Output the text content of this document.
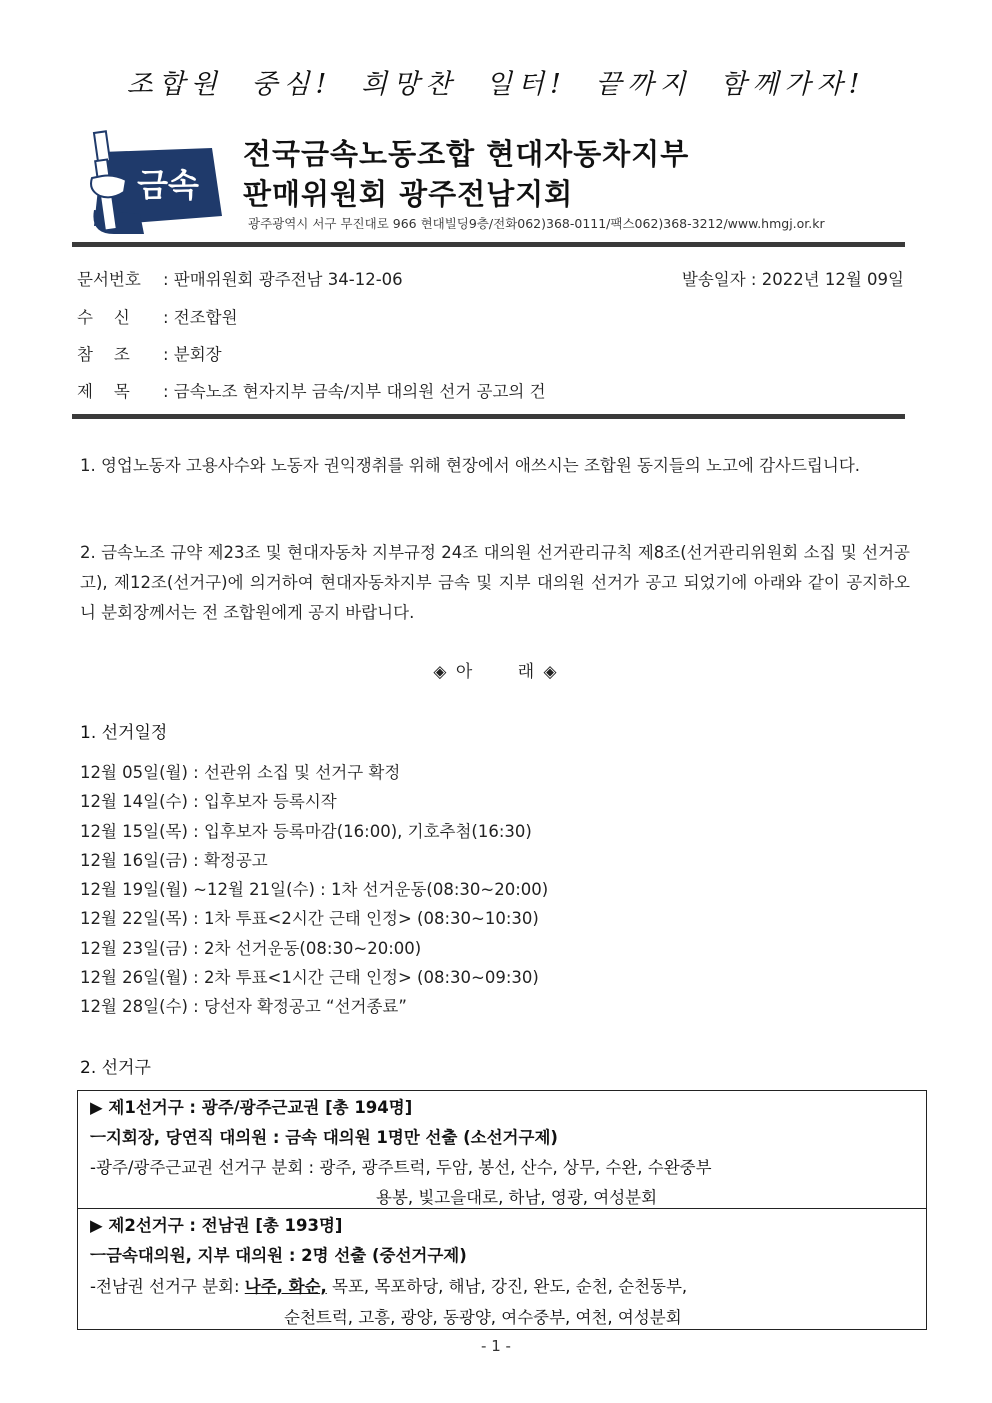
조합원 중심! 희망찬 일터! 끝까지 함께가자!
금속
전국금속노동조합 현대자동차지부
판매위원회 광주전남지회
광주광역시 서구 무진대로 966 현대빌딩9층/전화062)368-0111/팩스062)368-3212/www.hmgj.or.kr
문서번호 : 판매위원회 광주전남 34-12-06	발송일자 : 2022년 12월 09일
수    신 : 전조합원
참    조 : 분회장
제    목 : 금속노조 현자지부 금속/지부 대의원 선거 공고의 건
1. 영업노동자 고용사수와 노동자 권익쟁취를 위해 현장에서 애쓰시는 조합원 동지들의 노고에 감사드립니다.
2. 금속노조 규약 제23조 및 현대자동차 지부규정 24조 대의원 선거관리규칙 제8조(선거관리위원회 소집 및 선거공고), 제12조(선거구)에 의거하여 현대자동차지부 금속 및 지부 대의원 선거가 공고 되었기에 아래와 같이 공지하오니 분회장께서는 전 조합원에게 공지 바랍니다.
◈ 아	래 ◈
1. 선거일정
12월 05일(월) : 선관위 소집 및 선거구 확정
12월 14일(수) : 입후보자 등록시작
12월 15일(목) : 입후보자 등록마감(16:00), 기호추첨(16:30)
12월 16일(금) : 확정공고
12월 19일(월) ~12월 21일(수) : 1차 선거운동(08:30~20:00)
12월 22일(목) : 1차 투표<2시간 근태 인정> (08:30~10:30)
12월 23일(금) : 2차 선거운동(08:30~20:00)
12월 26일(월) : 2차 투표<1시간 근태 인정> (08:30~09:30)
12월 28일(수) : 당선자 확정공고 “선거종료”
2. 선거구
▶ 제1선거구 : 광주/광주근교권 [총 194명]
ㅡ지회장, 당연직 대의원 : 금속 대의원 1명만 선출 (소선거구제)
-광주/광주근교권 선거구 분회 : 광주, 광주트럭, 두암, 봉선, 산수, 상무, 수완, 수완중부
용봉, 빛고을대로, 하남, 영광, 여성분회
▶ 제2선거구 : 전남권 [총 193명]
ㅡ금속대의원, 지부 대의원 : 2명 선출 (중선거구제)
-전남권 선거구 분회: 나주, 화순, 목포, 목포하당, 해남, 강진, 완도, 순천, 순천동부,
순천트럭, 고흥, 광양, 동광양, 여수중부, 여천, 여성분회
- 1 -
